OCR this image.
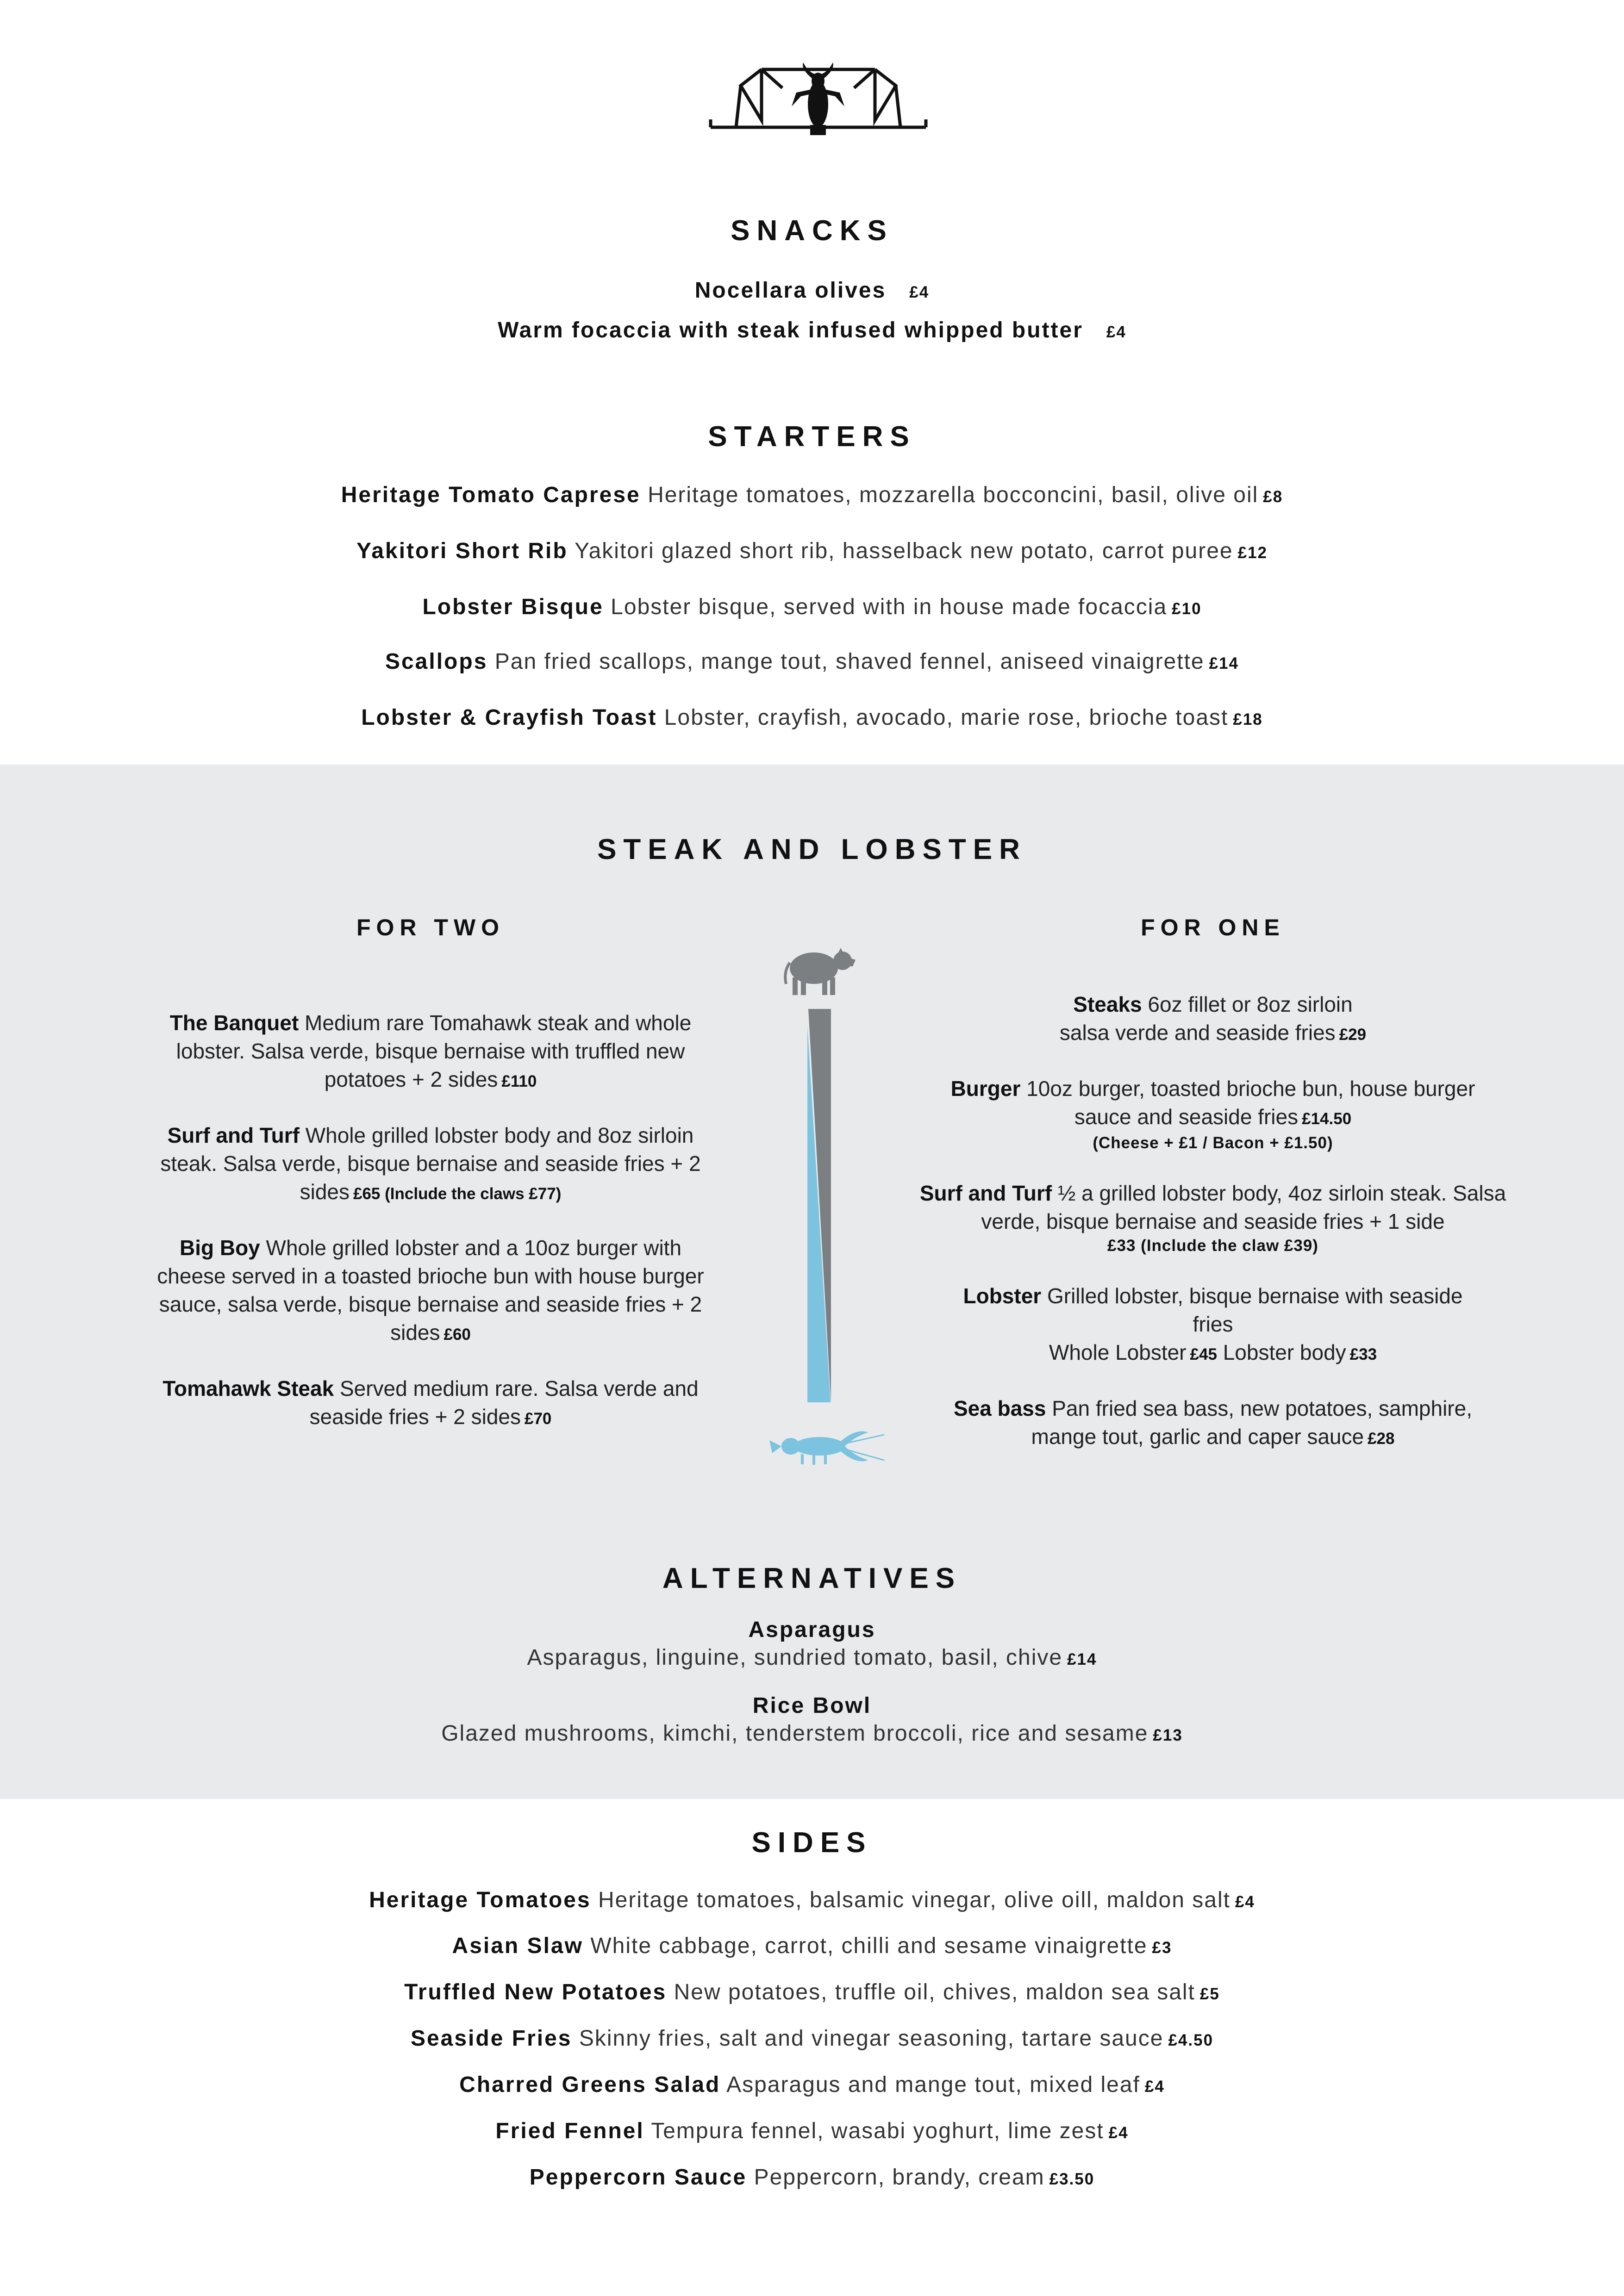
SNACKS
Nocellara olives £4
Warm focaccia with steak infused whipped butter £4
STARTERS
Heritage Tomato Caprese Heritage tomatoes, mozzarella bocconcini, basil, olive oil £8
Yakitori Short Rib Yakitori glazed short rib, hasselback new potato, carrot puree £12
Lobster Bisque Lobster bisque, served with in house made focaccia £10
Scallops Pan fried scallops, mange tout, shaved fennel, aniseed vinaigrette £14
Lobster & Crayfish Toast Lobster, crayfish, avocado, marie rose, brioche toast £18
STEAK AND LOBSTER
FOR TWO	FOR ONE
The Banquet Medium rare Tomahawk steak and whole lobster. Salsa verde, bisque bernaise with truffled new potatoes + 2 sides £110
Surf and Turf Whole grilled lobster body and 8oz sirloin steak. Salsa verde, bisque bernaise and seaside fries + 2 sides £65 (Include the claws £77)
Big Boy Whole grilled lobster and a 10oz burger with cheese served in a toasted brioche bun with house burger sauce, salsa verde, bisque bernaise and seaside fries + 2 sides £60
Tomahawk Steak Served medium rare. Salsa verde and seaside fries + 2 sides £70
Steaks 6oz fillet or 8oz sirloin
salsa verde and seaside fries £29
Burger 10oz burger, toasted brioche bun, house burger sauce and seaside fries £14.50
(Cheese + £1 / Bacon + £1.50)
Surf and Turf ½ a grilled lobster body, 4oz sirloin steak. Salsa verde, bisque bernaise and seaside fries + 1 side
£33 (Include the claw £39)
Lobster Grilled lobster, bisque bernaise with seaside fries
Whole Lobster £45 Lobster body £33
Sea bass Pan fried sea bass, new potatoes, samphire, mange tout, garlic and caper sauce £28
ALTERNATIVES
Asparagus
Asparagus, linguine, sundried tomato, basil, chive £14
Rice Bowl
Glazed mushrooms, kimchi, tenderstem broccoli, rice and sesame £13
SIDES
Heritage Tomatoes Heritage tomatoes, balsamic vinegar, olive oill, maldon salt £4
Asian Slaw White cabbage, carrot, chilli and sesame vinaigrette £3
Truffled New Potatoes New potatoes, truffle oil, chives, maldon sea salt £5
Seaside Fries Skinny fries, salt and vinegar seasoning, tartare sauce £4.50
Charred Greens Salad Asparagus and mange tout, mixed leaf £4
Fried Fennel Tempura fennel, wasabi yoghurt, lime zest £4
Peppercorn Sauce Peppercorn, brandy, cream £3.50
